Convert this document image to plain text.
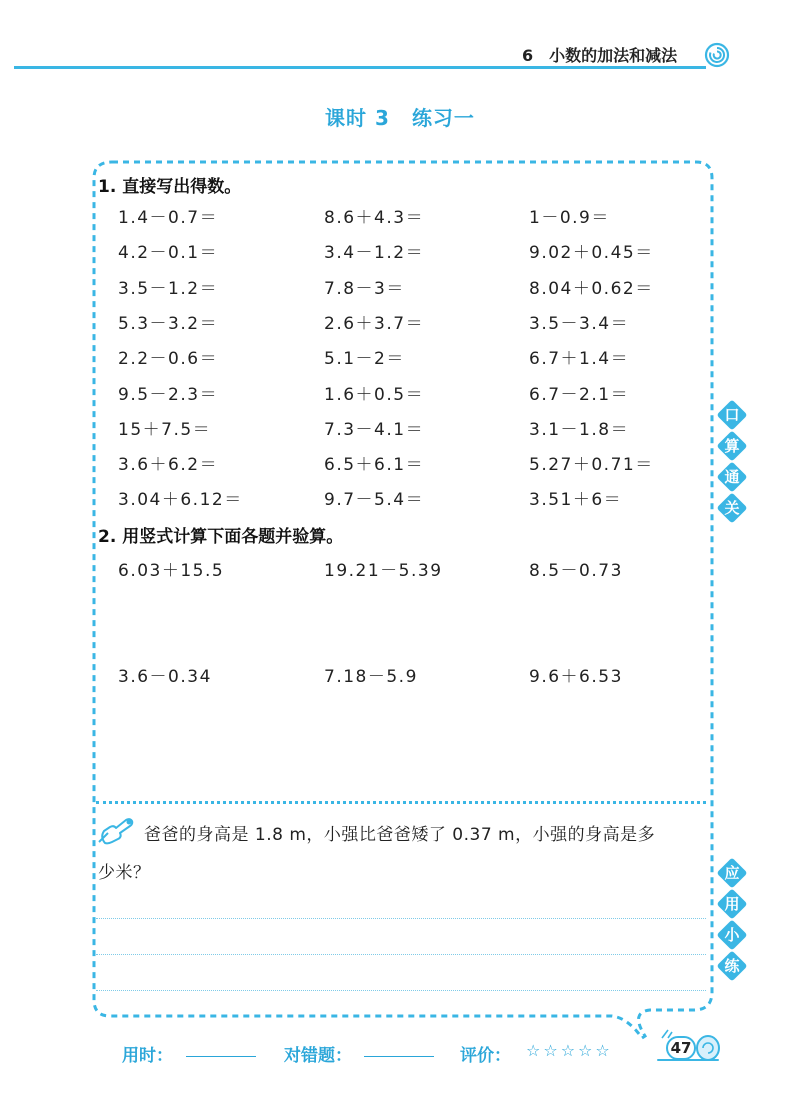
6 小数的加法和减法
课时 3 练习一
1. 直接写出得数。
1.4－0.7＝	8.6＋4.3＝	1－0.9＝
4.2－0.1＝	3.4－1.2＝	9.02＋0.45＝
3.5－1.2＝	7.8－3＝	8.04＋0.62＝
5.3－3.2＝	2.6＋3.7＝	3.5－3.4＝
2.2－0.6＝	5.1－2＝	6.7＋1.4＝
9.5－2.3＝	1.6＋0.5＝	6.7－2.1＝
15＋7.5＝	7.3－4.1＝	3.1－1.8＝
3.6＋6.2＝	6.5＋6.1＝	5.27＋0.71＝
3.04＋6.12＝	9.7－5.4＝	3.51＋6＝
2. 用竖式计算下面各题并验算。
6.03＋15.5	19.21－5.39	8.5－0.73
3.6－0.34	7.18－5.9	9.6＋6.53
口
算
通
关
应
用
小
练
爸爸的身高是 1.8 m，小强比爸爸矮了 0.37 m，小强的身高是多
少米？
用时：	对错题：	评价： ☆☆☆☆☆	47
